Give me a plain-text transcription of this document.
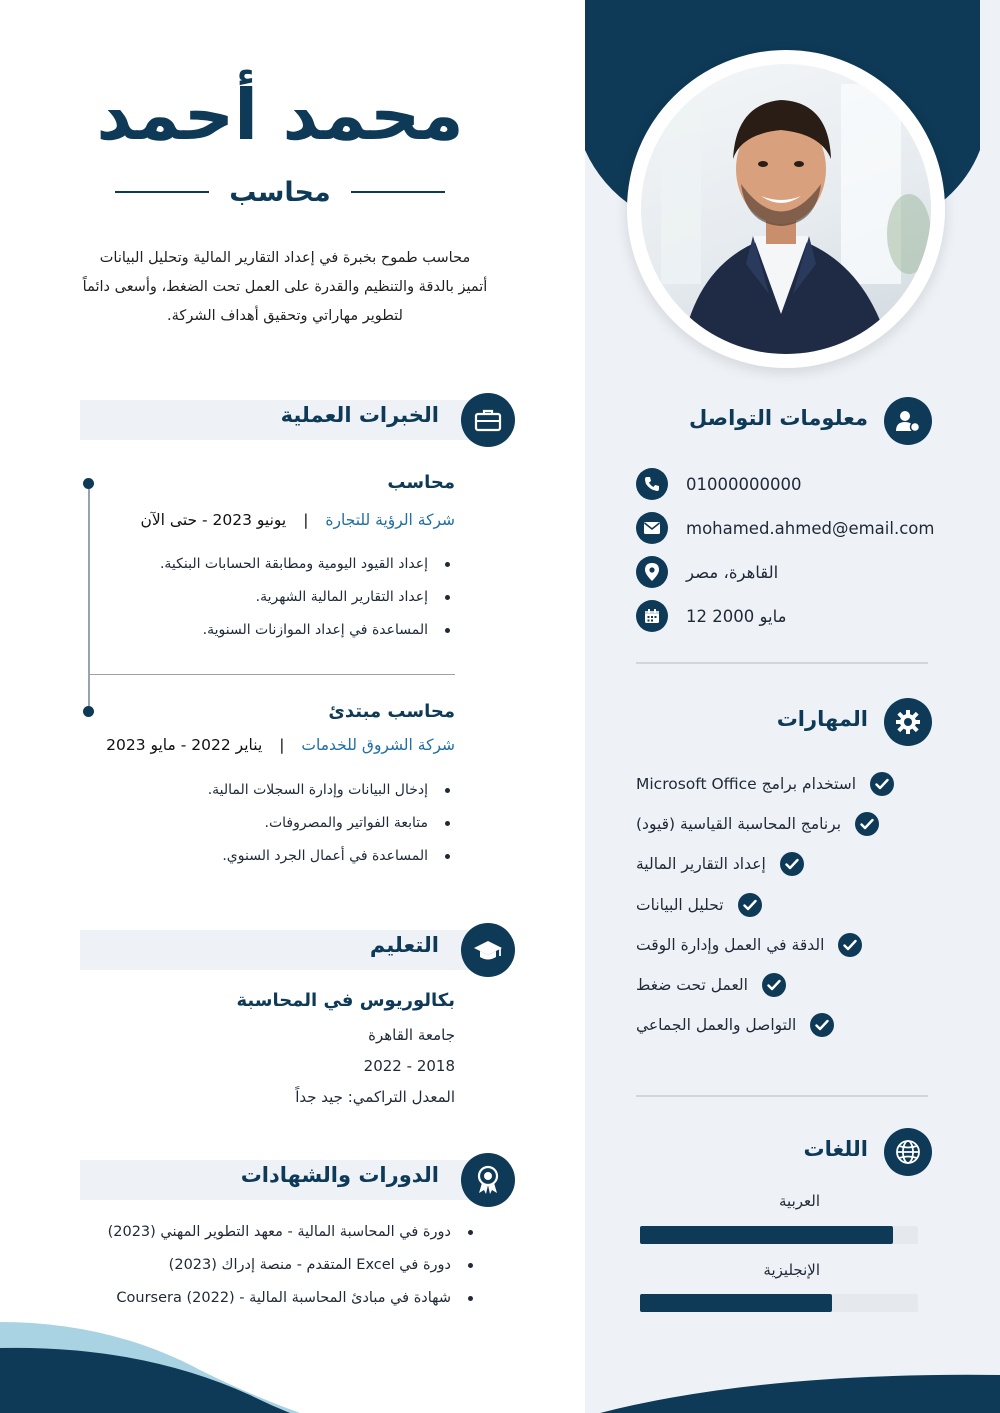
محمد أحمد
محاسب
محاسب طموح بخبرة في إعداد التقارير المالية وتحليل البيانات
أتميز بالدقة والتنظيم والقدرة على العمل تحت الضغط، وأسعى دائماً
لتطوير مهاراتي وتحقيق أهداف الشركة.
الخبرات العملية
محاسب
شركة الرؤية للتجارة | يونيو 2023 - حتى الآن
إعداد القيود اليومية ومطابقة الحسابات البنكية.
إعداد التقارير المالية الشهرية.
المساعدة في إعداد الموازنات السنوية.
محاسب مبتدئ
شركة الشروق للخدمات | يناير 2022 - مايو 2023
إدخال البيانات وإدارة السجلات المالية.
متابعة الفواتير والمصروفات.
المساعدة في أعمال الجرد السنوي.
التعليم
بكالوريوس في المحاسبة
جامعة القاهرة
2018 - 2022
المعدل التراكمي: جيد جداً
الدورات والشهادات
دورة في المحاسبة المالية - معهد التطوير المهني (2023)
دورة في Excel المتقدم - منصة إدراك (2023)
شهادة في مبادئ المحاسبة المالية - Coursera (2022)
معلومات التواصل
01000000000
mohamed.ahmed@email.com
القاهرة، مصر
12 مايو 2000
المهارات
استخدام برامج Microsoft Office
برنامج المحاسبة القياسية (قيود)
إعداد التقارير المالية
تحليل البيانات
الدقة في العمل وإدارة الوقت
العمل تحت ضغط
التواصل والعمل الجماعي
اللغات
العربية
الإنجليزية
